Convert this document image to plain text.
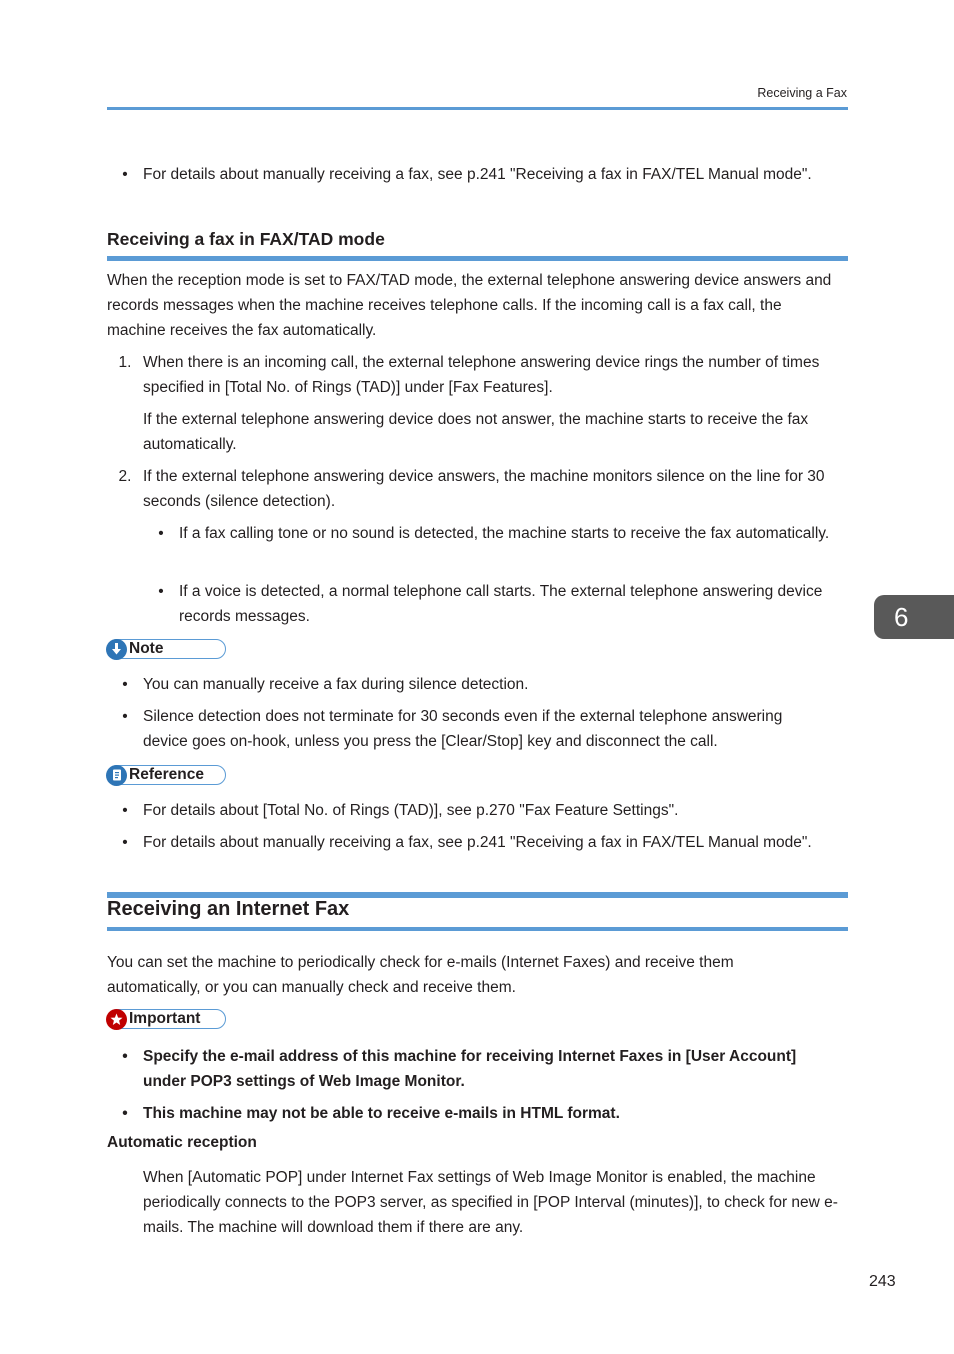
Receiving a Fax
• For details about manually receiving a fax, see p.241 "Receiving a fax in FAX/TEL Manual mode".
Receiving a fax in FAX/TAD mode
When the reception mode is set to FAX/TAD mode, the external telephone answering device answers and records messages when the machine receives telephone calls. If the incoming call is a fax call, the machine receives the fax automatically.
1. When there is an incoming call, the external telephone answering device rings the number of times specified in [Total No. of Rings (TAD)] under [Fax Features].
If the external telephone answering device does not answer, the machine starts to receive the fax automatically.
2. If the external telephone answering device answers, the machine monitors silence on the line for 30 seconds (silence detection).
• If a fax calling tone or no sound is detected, the machine starts to receive the fax automatically.
• If a voice is detected, a normal telephone call starts. The external telephone answering device records messages.
Note
• You can manually receive a fax during silence detection.
• Silence detection does not terminate for 30 seconds even if the external telephone answering device goes on-hook, unless you press the [Clear/Stop] key and disconnect the call.
Reference
• For details about [Total No. of Rings (TAD)], see p.270 "Fax Feature Settings".
• For details about manually receiving a fax, see p.241 "Receiving a fax in FAX/TEL Manual mode".
Receiving an Internet Fax
You can set the machine to periodically check for e-mails (Internet Faxes) and receive them automatically, or you can manually check and receive them.
Important
• Specify the e-mail address of this machine for receiving Internet Faxes in [User Account] under POP3 settings of Web Image Monitor.
• This machine may not be able to receive e-mails in HTML format.
Automatic reception
When [Automatic POP] under Internet Fax settings of Web Image Monitor is enabled, the machine periodically connects to the POP3 server, as specified in [POP Interval (minutes)], to check for new e-mails. The machine will download them if there are any.
6
243
